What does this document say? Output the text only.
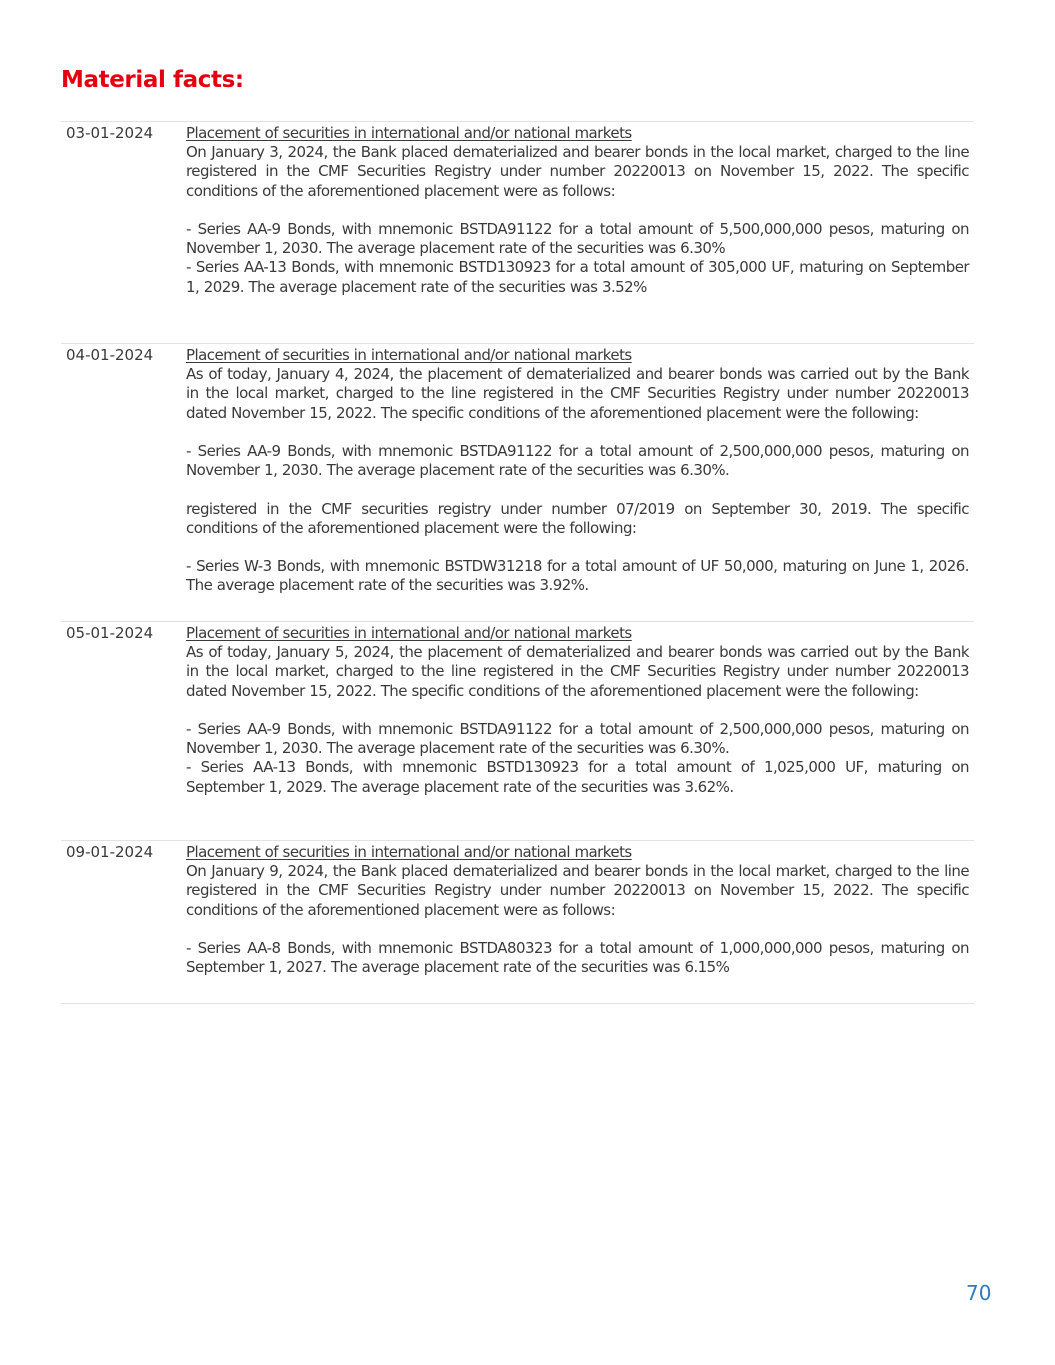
Material facts:
03-01-2024	Placement of securities in international and/or national markets

On January 3, 2024, the Bank placed dematerialized and bearer bonds in the local market, charged to the line registered in the CMF Securities Registry under number 20220013 on November 15, 2022. The specific conditions of the aforementioned placement were as follows:

- Series AA-9 Bonds, with mnemonic BSTDA91122 for a total amount of 5,500,000,000 pesos, maturing on November 1, 2030. The average placement rate of the securities was 6.30%

- Series AA-13 Bonds, with mnemonic BSTD130923 for a total amount of 305,000 UF, maturing on September 1, 2029. The average placement rate of the securities was 3.52%

04-01-2024	Placement of securities in international and/or national markets

As of today, January 4, 2024, the placement of dematerialized and bearer bonds was carried out by the Bank in the local market, charged to the line registered in the CMF Securities Registry under number 20220013 dated November 15, 2022. The specific conditions of the aforementioned placement were the following:

- Series AA-9 Bonds, with mnemonic BSTDA91122 for a total amount of 2,500,000,000 pesos, maturing on November 1, 2030. The average placement rate of the securities was 6.30%.

registered in the CMF securities registry under number 07/2019 on September 30, 2019. The specific conditions of the aforementioned placement were the following:

- Series W-3 Bonds, with mnemonic BSTDW31218 for a total amount of UF 50,000, maturing on June 1, 2026. The average placement rate of the securities was 3.92%.

05-01-2024	Placement of securities in international and/or national markets

As of today, January 5, 2024, the placement of dematerialized and bearer bonds was carried out by the Bank in the local market, charged to the line registered in the CMF Securities Registry under number 20220013 dated November 15, 2022. The specific conditions of the aforementioned placement were the following:

- Series AA-9 Bonds, with mnemonic BSTDA91122 for a total amount of 2,500,000,000 pesos, maturing on November 1, 2030. The average placement rate of the securities was 6.30%.

- Series AA-13 Bonds, with mnemonic BSTD130923 for a total amount of 1,025,000 UF, maturing on September 1, 2029. The average placement rate of the securities was 3.62%.

09-01-2024	Placement of securities in international and/or national markets

On January 9, 2024, the Bank placed dematerialized and bearer bonds in the local market, charged to the line registered in the CMF Securities Registry under number 20220013 on November 15, 2022. The specific conditions of the aforementioned placement were as follows:

- Series AA-8 Bonds, with mnemonic BSTDA80323 for a total amount of 1,000,000,000 pesos, maturing on September 1, 2027. The average placement rate of the securities was 6.15%

70
